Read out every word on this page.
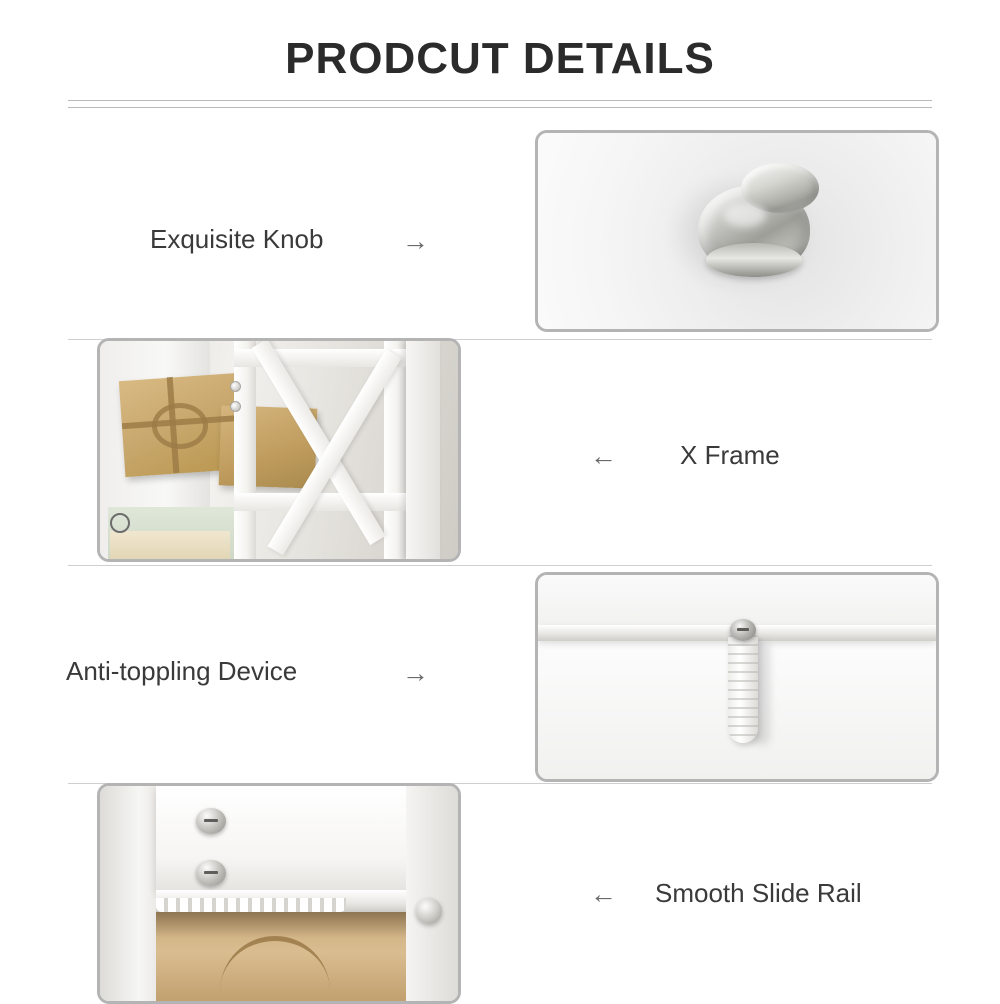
PRODCUT DETAILS
Exquisite Knob	→
← X Frame
Anti-toppling Device	→
← Smooth Slide Rail
